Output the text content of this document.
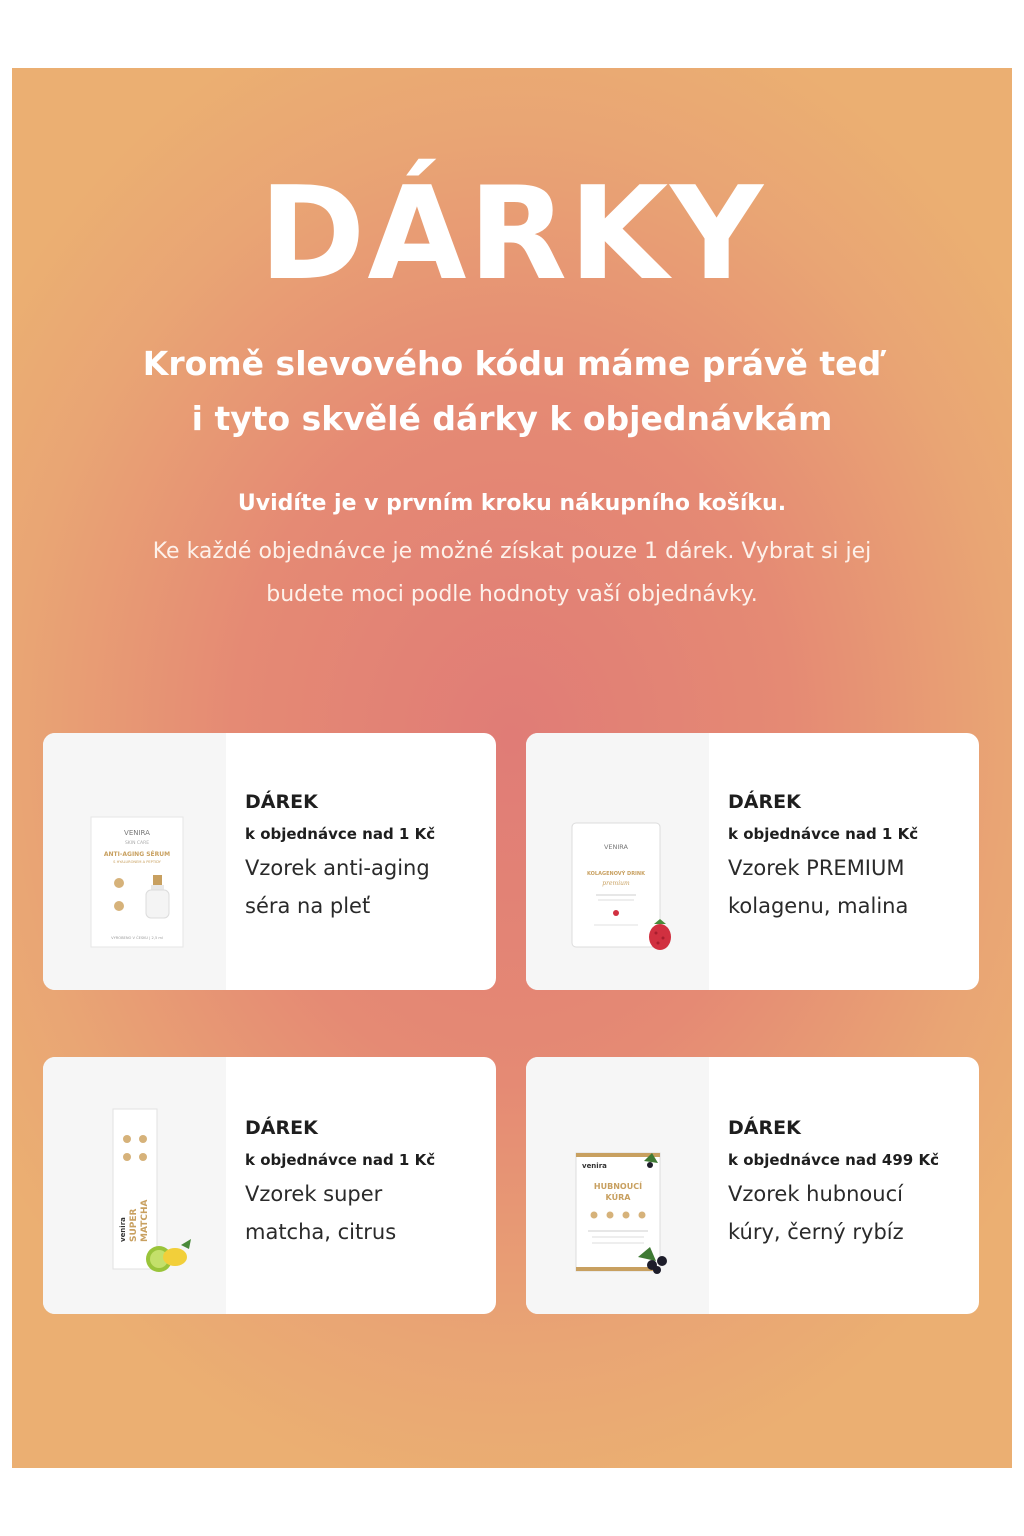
DÁRKY
Kromě slevového kódu máme právě teď
i tyto skvělé dárky k objednávkám
Uvidíte je v prvním kroku nákupního košíku.
Ke každé objednávce je možné získat pouze 1 dárek. Vybrat si jej budete moci podle hodnoty vaší objednávky.
VENIRA
SKIN CARE
ANTI-AGING SÉRUM
S HYALURONEM A PEPTIDY
VYROBENO V ČESKU | 2,5 ml
DÁREK
k objednávce nad 1 Kč
Vzorek anti-aging
séra na pleť
VENIRA
KOLAGENOVÝ DRINK
premium
DÁREK
k objednávce nad 1 Kč
Vzorek PREMIUM
kolagenu, malina
venira SUPER MATCHA
DÁREK
k objednávce nad 1 Kč
Vzorek super
matcha, citrus
venira
HUBNOUCÍ
KÚRA
DÁREK
k objednávce nad 499 Kč
Vzorek hubnoucí
kúry, černý rybíz
